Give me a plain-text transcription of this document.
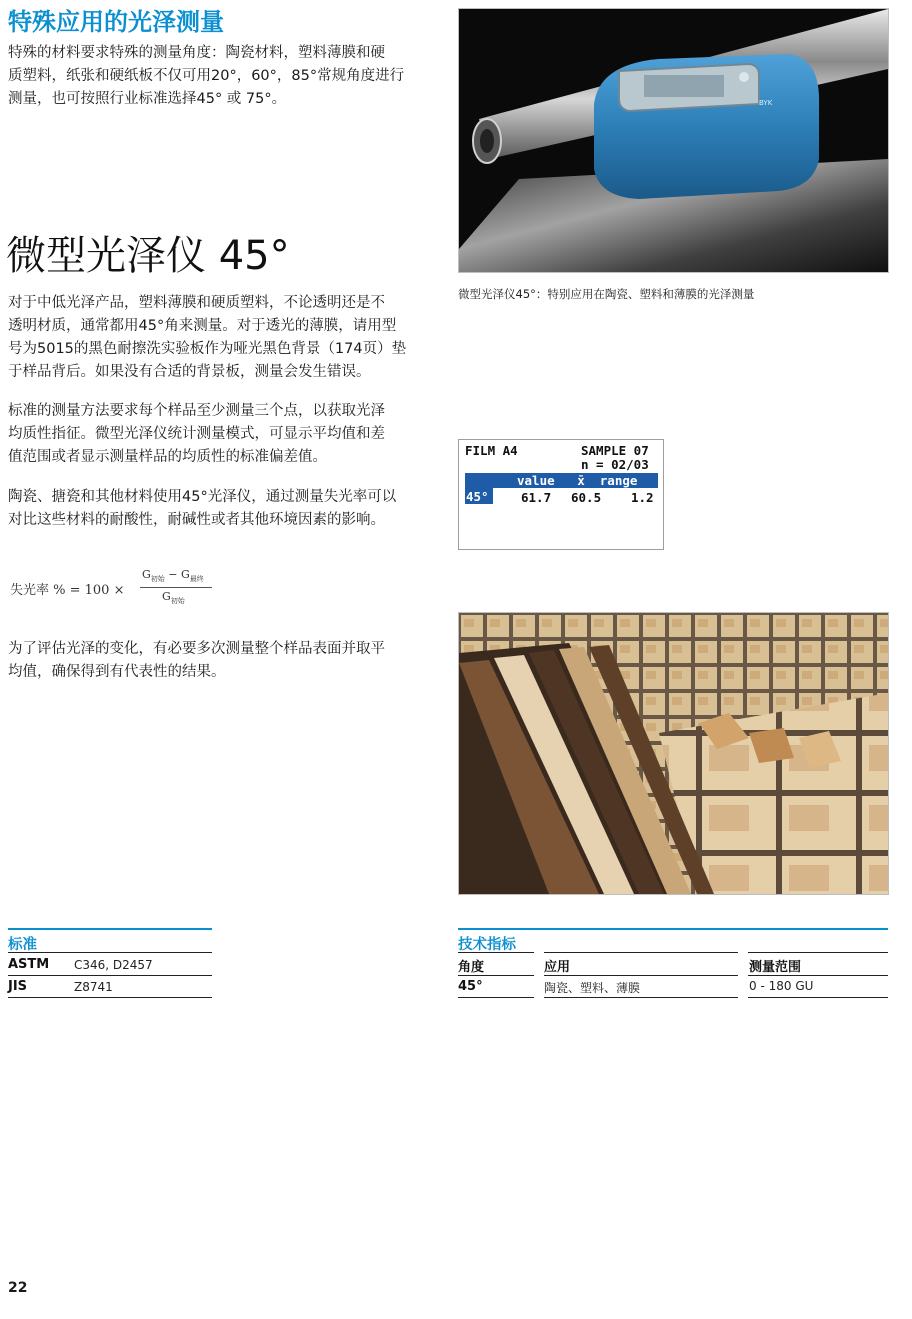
特殊应用的光泽测量
特殊的材料要求特殊的测量角度：陶瓷材料，塑料薄膜和硬
质塑料，纸张和硬纸板不仅可用20°，60°，85°常规角度进行
测量，也可按照行业标准选择45° 或 75°。
微型光泽仪 45°
对于中低光泽产品，塑料薄膜和硬质塑料，不论透明还是不
透明材质，通常都用45°角来测量。对于透光的薄膜，请用型
号为5015的黑色耐擦洗实验板作为哑光黑色背景（174页）垫
于样品背后。如果没有合适的背景板，测量会发生错误。
标准的测量方法要求每个样品至少测量三个点，以获取光泽
均质性指征。微型光泽仪统计测量模式，可显示平均值和差
值范围或者显示测量样品的均质性的标准偏差值。
陶瓷、搪瓷和其他材料使用45°光泽仪，通过测量失光率可以
对比这些材料的耐酸性，耐碱性或者其他环境因素的影响。
失光率 % = 100 ×
$G_{初始} - G_{最终}$
$G_{初始}$
为了评估光泽的变化，有必要多次测量整个样品表面并取平
均值，确保得到有代表性的结果。
BYK
微型光泽仪45°：特别应用在陶瓷、塑料和薄膜的光泽测量
FILM A4	SAMPLE 07
n = 02/03
value   x̄  range
45°	61.7 60.5 1.2
标准
ASTM C346, D2457
JIS	Z8741
技术指标
角度	应用	测量范围
45°	陶瓷、塑料、薄膜	0 - 180 GU
22
